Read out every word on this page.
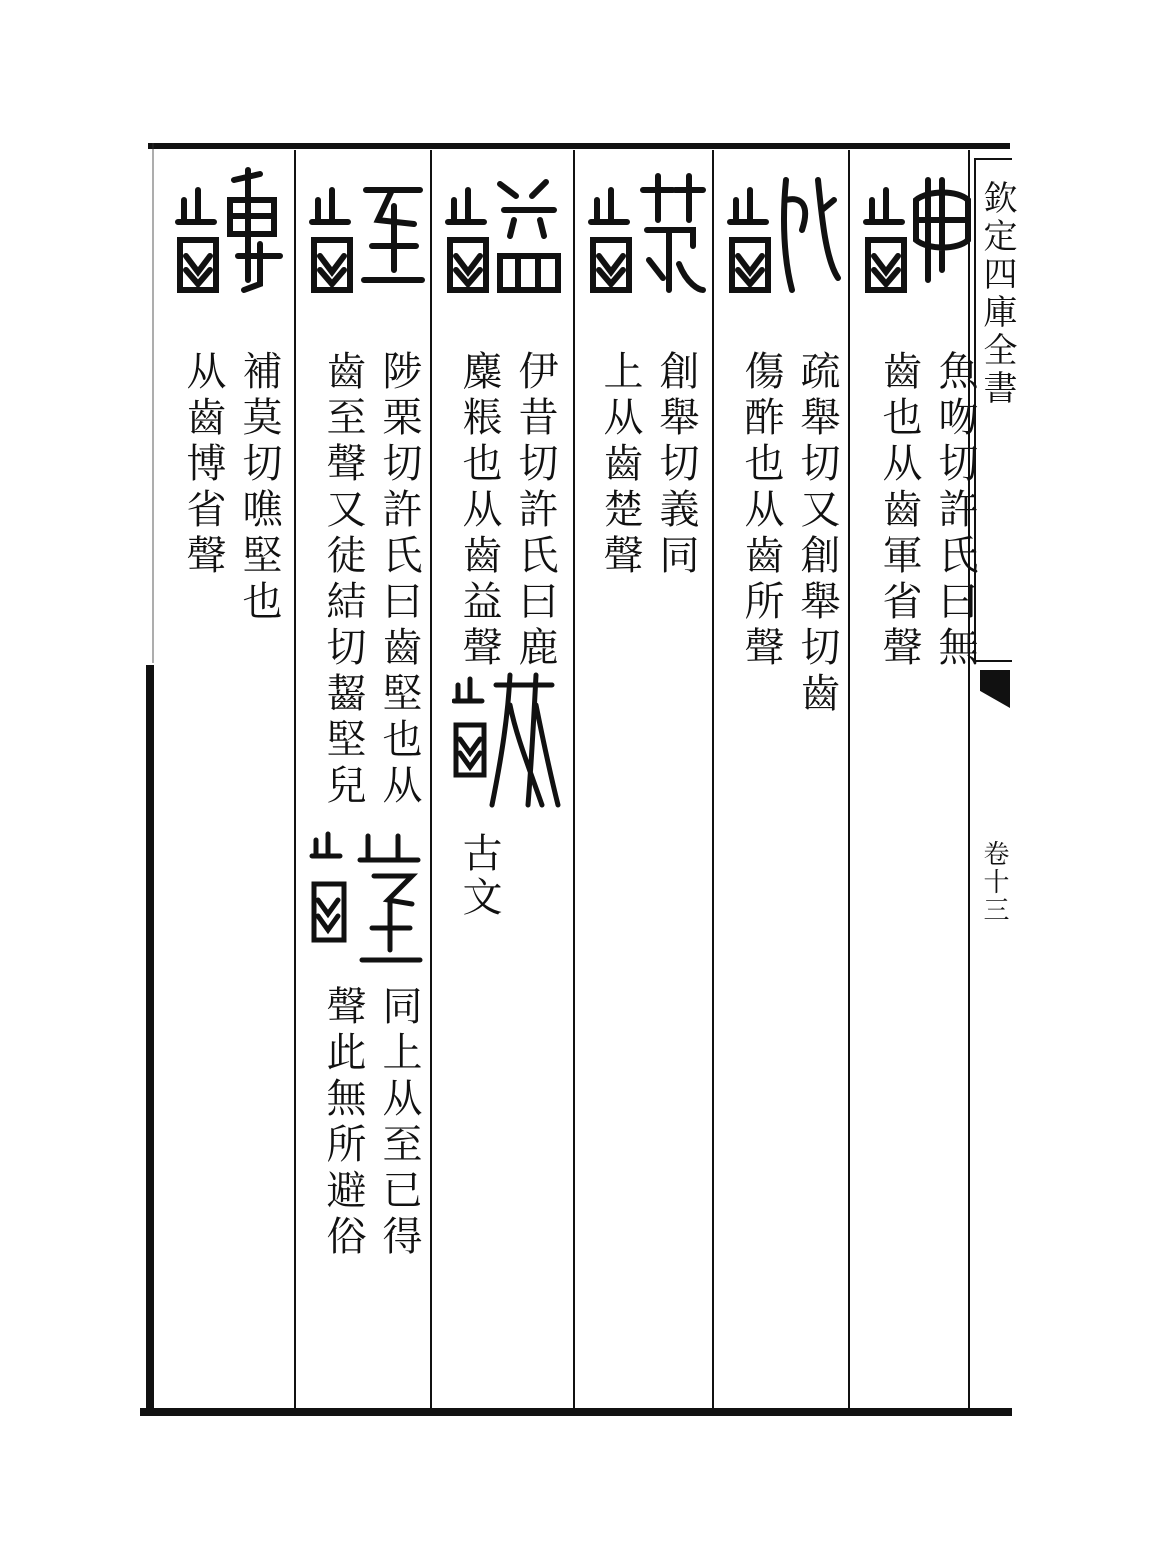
欽定四庫全書
卷十三
魚吻切許氏曰無
齒也从齒軍省聲
疏舉切又創舉切齒
傷酢也从齒所聲
創舉切義同
上从齒楚聲
伊昔切許氏曰鹿
麋粻也从齒益聲
古文
陟栗切許氏曰齒堅也从
齒至聲又徒結切齧堅兒
同上从至已得
聲此無所避俗
補莫切噍堅也
从齒博省聲
